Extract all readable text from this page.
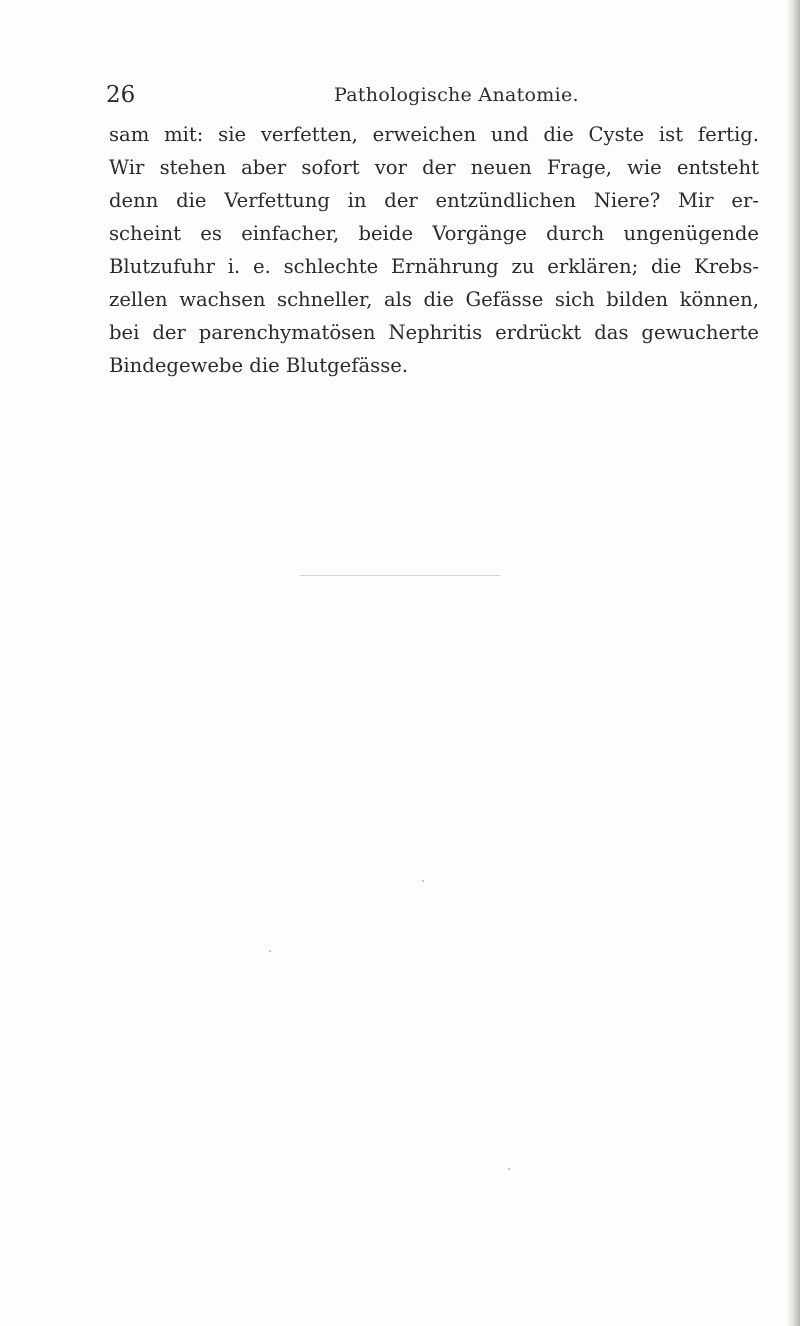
26	Pathologische Anatomie.
sam mit: sie verfetten, erweichen und die Cyste ist fertig.
Wir stehen aber sofort vor der neuen Frage, wie entsteht
denn die Verfettung in der entzündlichen Niere? Mir er-
scheint es einfacher, beide Vorgänge durch ungenügende
Blutzufuhr i. e. schlechte Ernährung zu erklären; die Krebs-
zellen wachsen schneller, als die Gefässe sich bilden können,
bei der parenchymatösen Nephritis erdrückt das gewucherte
Bindegewebe die Blutgefässe.
